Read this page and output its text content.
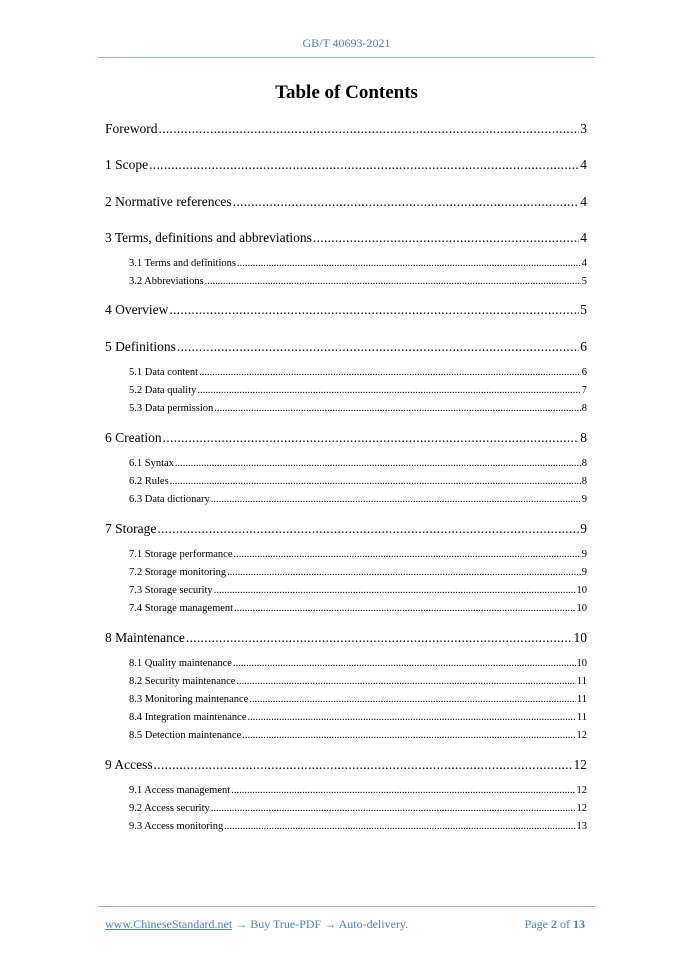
GB/T 40693-2021
Table of Contents
Foreword .....	3
1 Scope .....	4
2 Normative references .....	4
3 Terms, definitions and abbreviations .....	4
3.1 Terms and definitions .....	4
3.2 Abbreviations .....	5
4 Overview .....	5
5 Definitions .....	6
5.1 Data content .....	6
5.2 Data quality .....	7
5.3 Data permission .....	8
6 Creation .....	8
6.1 Syntax .....	8
6.2 Rules .....	8
6.3 Data dictionary .....	9
7 Storage .....	9
7.1 Storage performance .....	9
7.2 Storage monitoring .....	9
7.3 Storage security .....	10
7.4 Storage management .....	10
8 Maintenance .....	10
8.1 Quality maintenance .....	10
8.2 Security maintenance .....	11
8.3 Monitoring maintenance .....	11
8.4 Integration maintenance .....	11
8.5 Detection maintenance .....	12
9 Access .....	12
9.1 Access management .....	12
9.2 Access security .....	12
9.3 Access monitoring .....	13
www.ChineseStandard.net → Buy True-PDF → Auto-delivery.	Page 2 of 13
